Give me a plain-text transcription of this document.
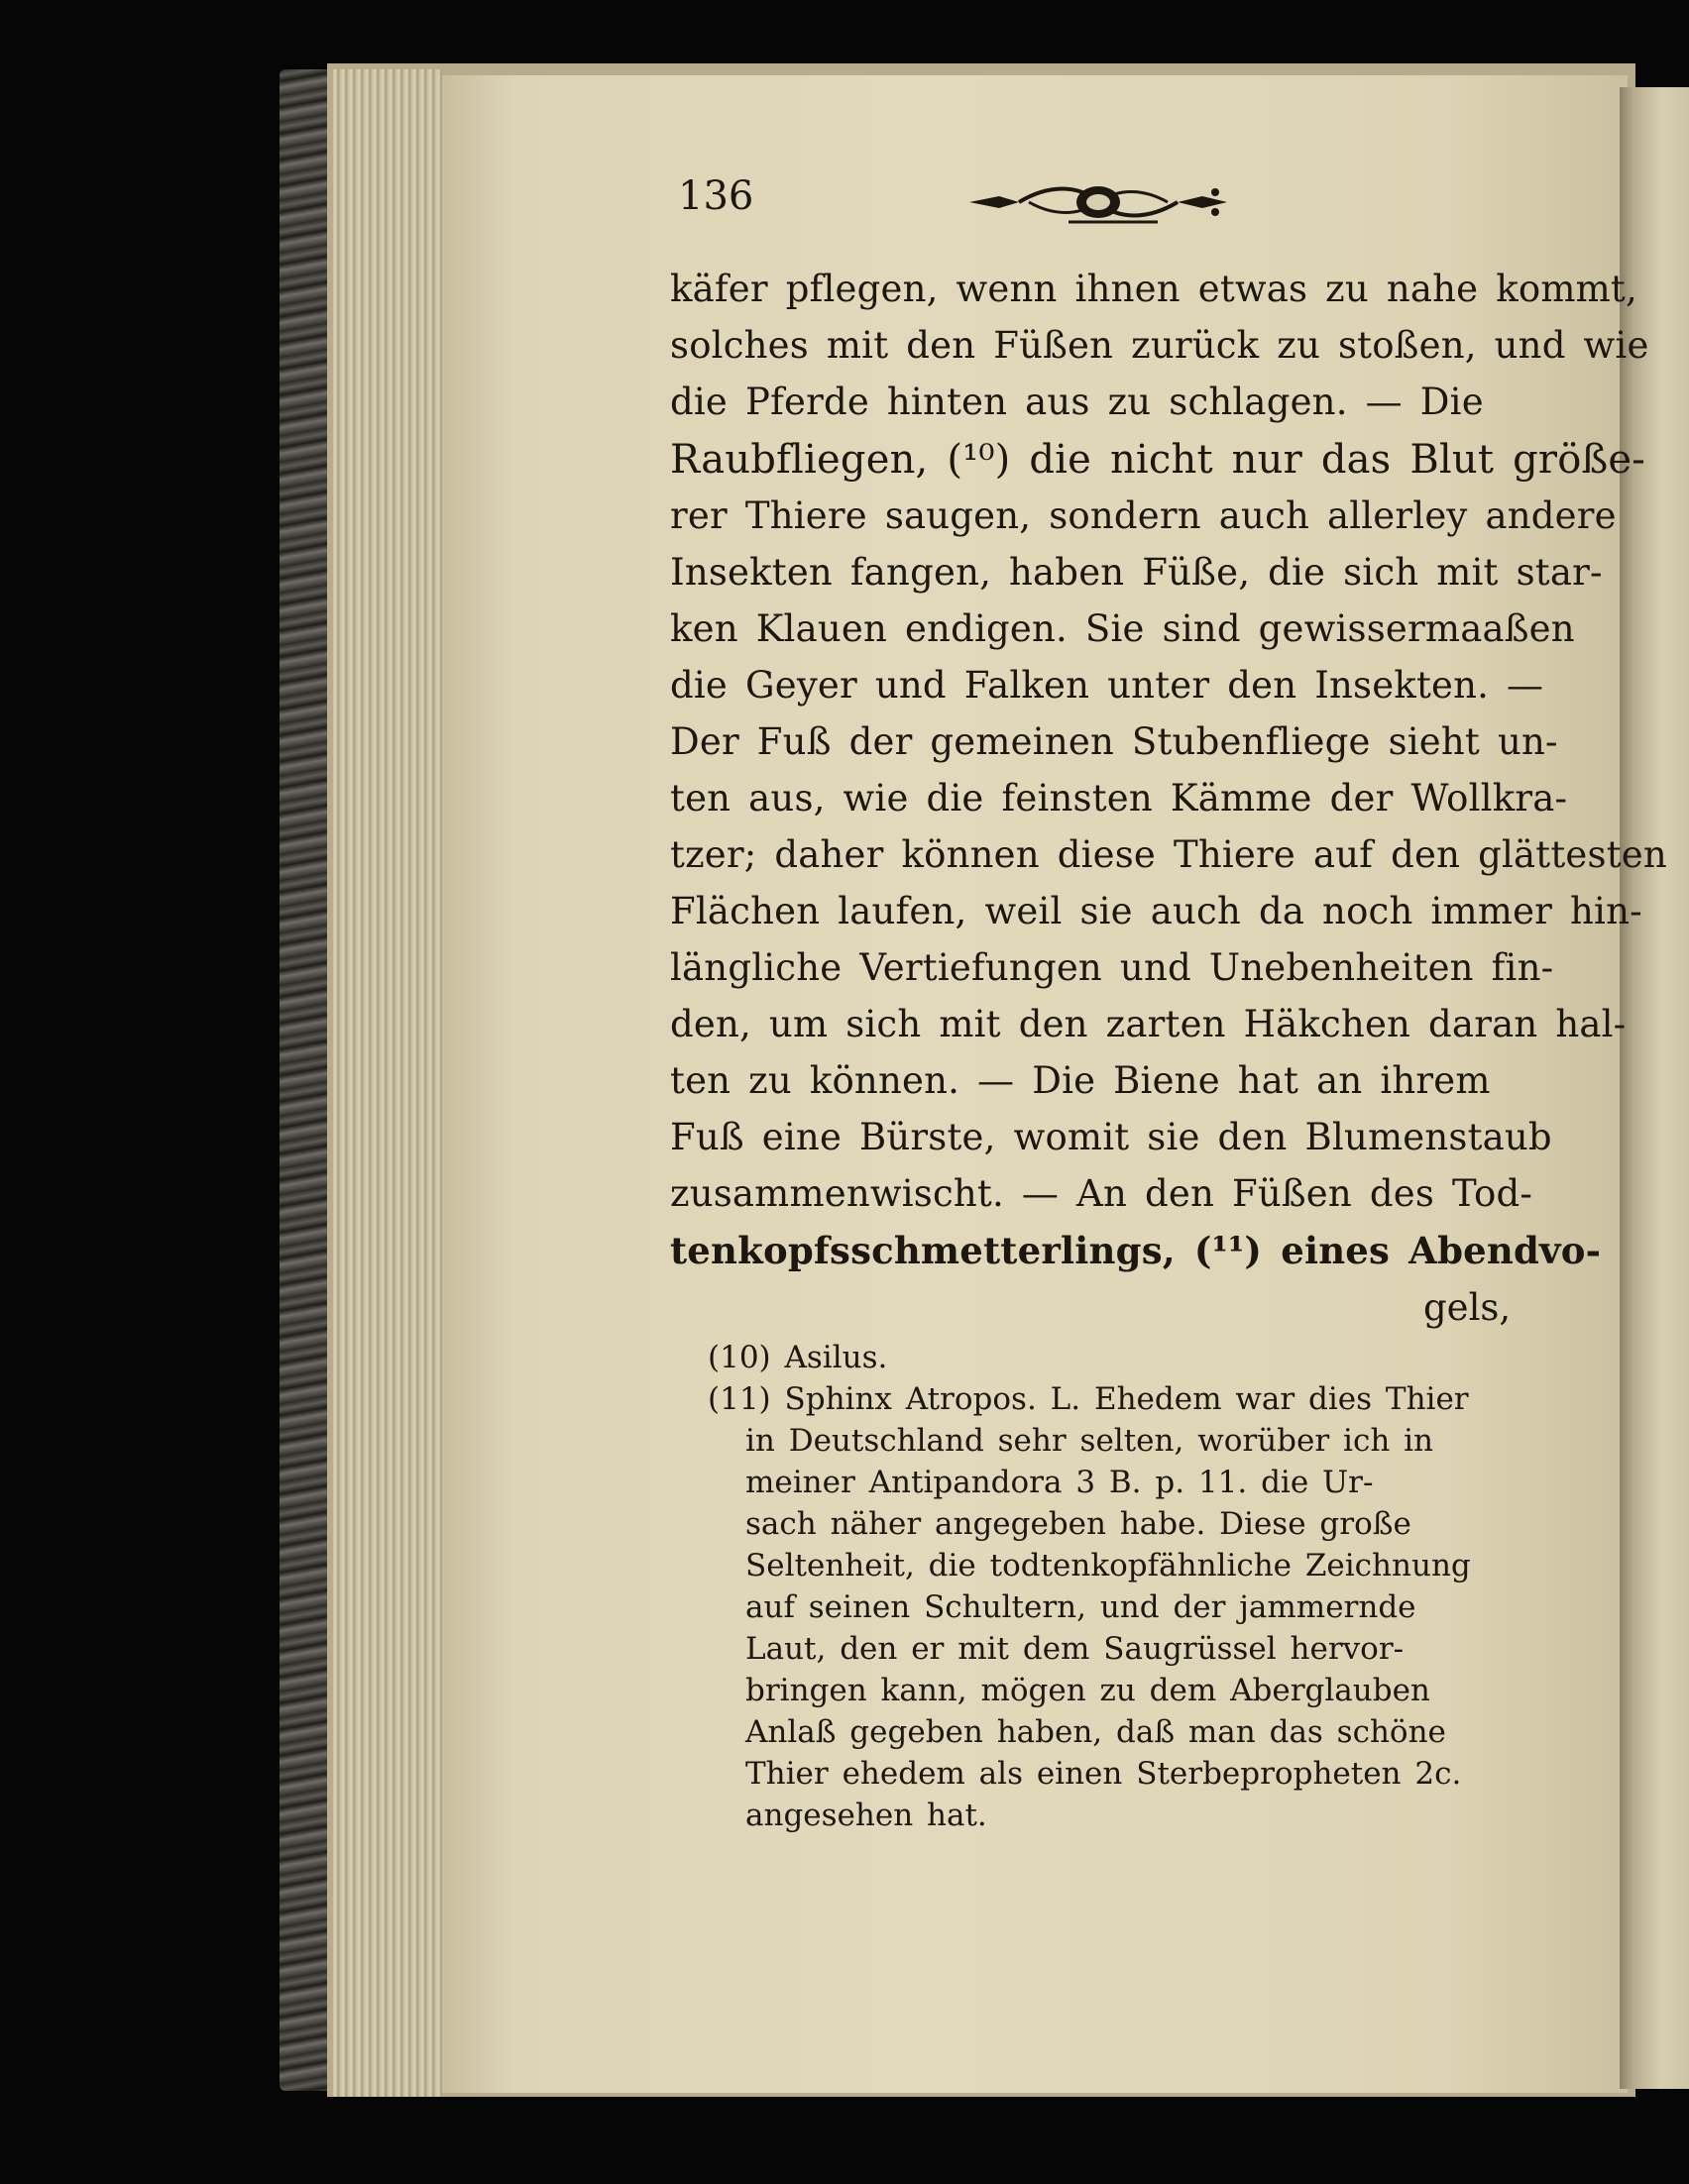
136
käfer pflegen, wenn ihnen etwas zu nahe kommt,
solches mit den Füßen zurück zu stoßen, und wie
die Pferde hinten aus zu schlagen. — Die
Raubfliegen, (¹⁰) die nicht nur das Blut größe-
rer Thiere saugen, sondern auch allerley andere
Insekten fangen, haben Füße, die sich mit star-
ken Klauen endigen. Sie sind gewissermaaßen
die Geyer und Falken unter den Insekten. —
Der Fuß der gemeinen Stubenfliege sieht un-
ten aus, wie die feinsten Kämme der Wollkra-
tzer; daher können diese Thiere auf den glättesten
Flächen laufen, weil sie auch da noch immer hin-
längliche Vertiefungen und Unebenheiten fin-
den, um sich mit den zarten Häkchen daran hal-
ten zu können. — Die Biene hat an ihrem
Fuß eine Bürste, womit sie den Blumenstaub
zusammenwischt. — An den Füßen des Tod-
tenkopfsschmetterlings, (¹¹) eines Abendvo-
gels,
(10) Asilus.
(11) Sphinx Atropos. L. Ehedem war dies Thier
in Deutschland sehr selten, worüber ich in
meiner Antipandora 3 B. p. 11. die Ur-
sach näher angegeben habe. Diese große
Seltenheit, die todtenkopfähnliche Zeichnung
auf seinen Schultern, und der jammernde
Laut, den er mit dem Saugrüssel hervor-
bringen kann, mögen zu dem Aberglauben
Anlaß gegeben haben, daß man das schöne
Thier ehedem als einen Sterbepropheten 2c.
angesehen hat.
